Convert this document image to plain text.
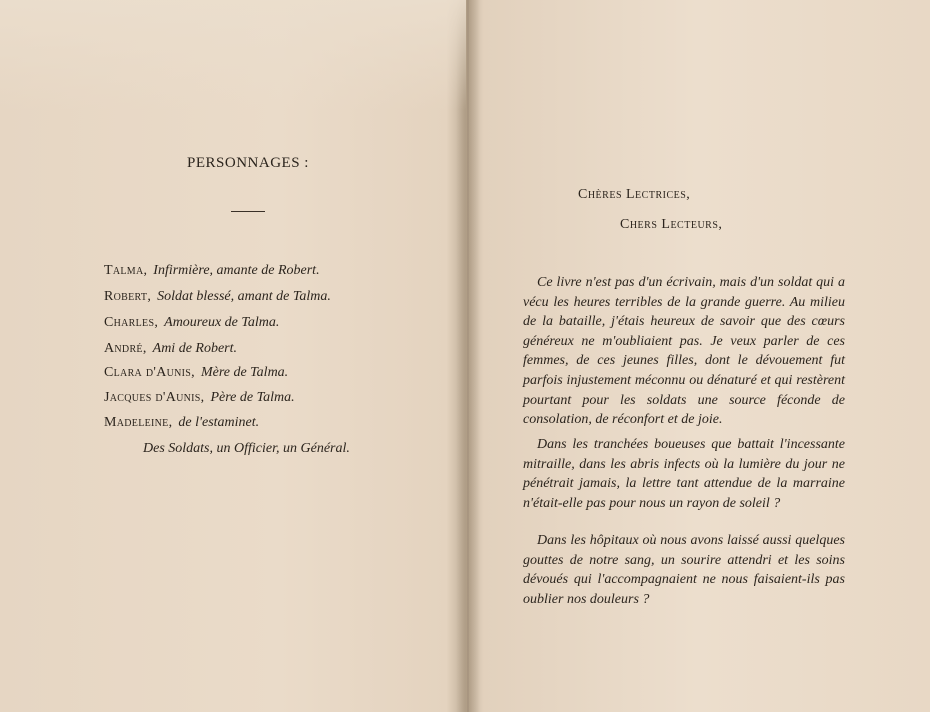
PERSONNAGES :
Talma, Infirmière, amante de Robert.
Robert, Soldat blessé, amant de Talma.
Charles, Amoureux de Talma.
André, Ami de Robert.
Clara d'Aunis, Mère de Talma.
Jacques d'Aunis, Père de Talma.
Madeleine, de l'estaminet.
Des Soldats, un Officier, un Général.
Chères Lectrices,
Chers Lecteurs,
Ce livre n'est pas d'un écrivain, mais d'un soldat qui a vécu les heures terribles de la grande guerre. Au milieu de la bataille, j'étais heureux de savoir que des cœurs généreux ne m'oubliaient pas. Je veux parler de ces femmes, de ces jeunes filles, dont le dévouement fut parfois injustement méconnu ou dénaturé et qui restèrent pourtant pour les soldats une source féconde de consolation, de réconfort et de joie.
Dans les tranchées boueuses que battait l'incessante mitraille, dans les abris infects où la lumière du jour ne pénétrait jamais, la lettre tant attendue de la marraine n'était-elle pas pour nous un rayon de soleil ?
Dans les hôpitaux où nous avons laissé aussi quelques gouttes de notre sang, un sourire attendri et les soins dévoués qui l'accompagnaient ne nous faisaient-ils pas oublier nos douleurs ?
